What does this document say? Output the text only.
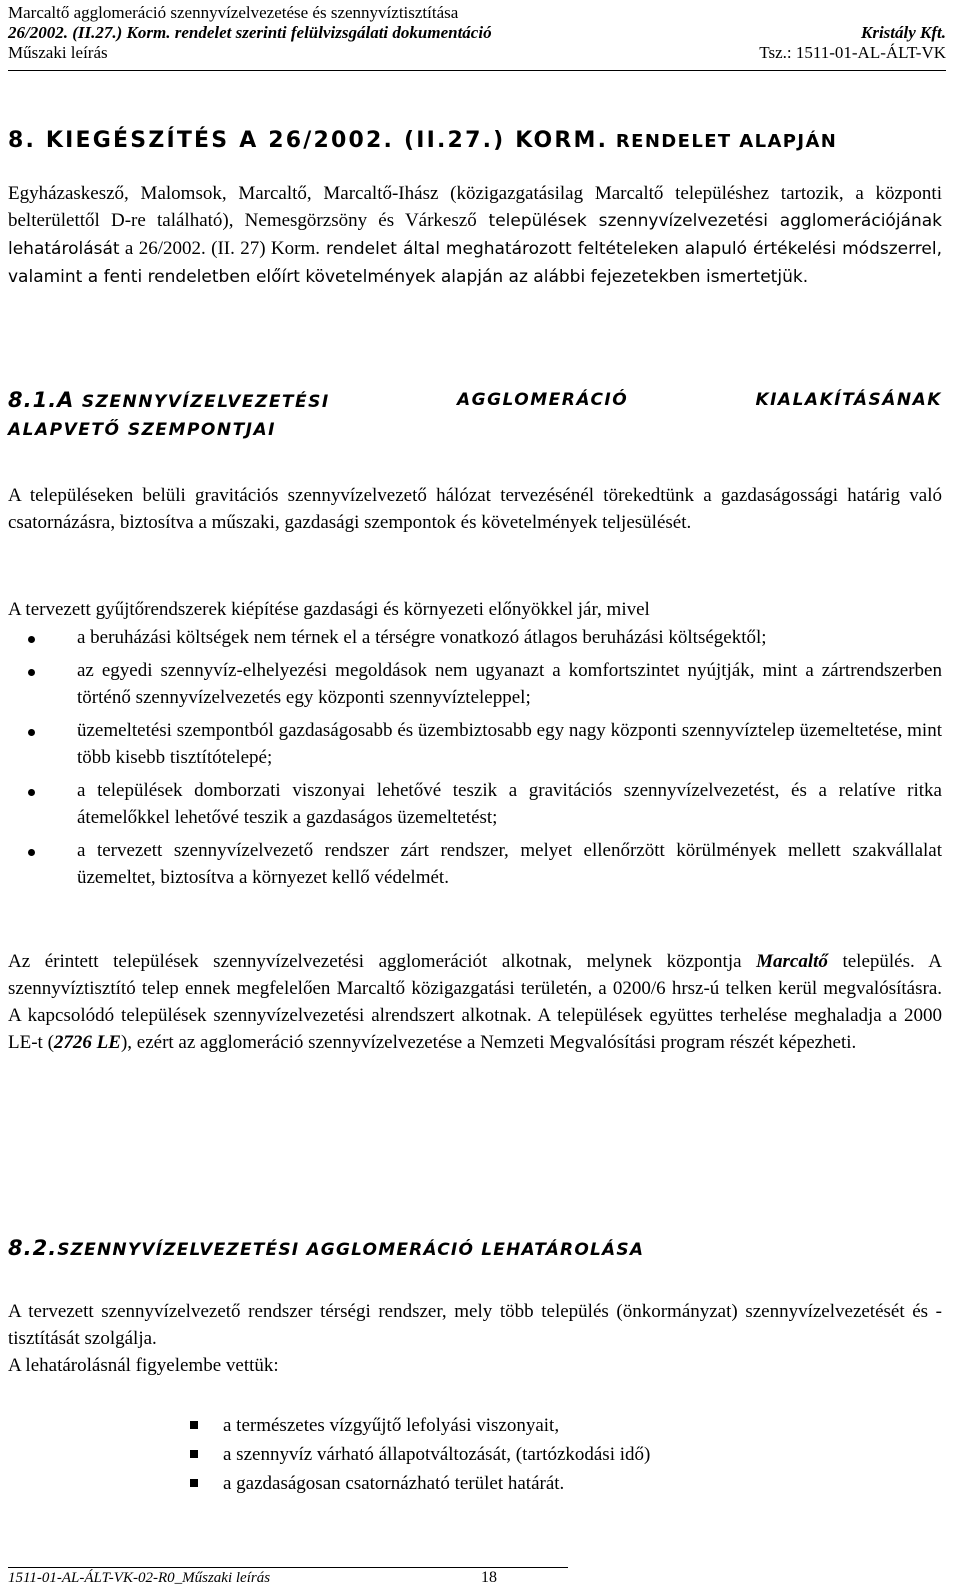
Marcaltő agglomeráció szennyvízelvezetése és szennyvíztisztítása
26/2002. (II.27.) Korm. rendelet szerinti felülvizsgálati dokumentáció	Kristály Kft.
Műszaki leírás	Tsz.: 1511-01-AL-ÁLT-VK
8. KIEGÉSZÍTÉS A 26/2002. (II.27.) KORM. RENDELET ALAPJÁN
Egyházaskesző, Malomsok, Marcaltő, Marcaltő-Ihász (közigazgatásilag Marcaltő településhez tartozik, a központi belterülettől D-re található), Nemesgörzsöny és Várkesző települések szennyvízelvezetési agglomerációjának lehatárolását a 26/2002. (II. 27) Korm. rendelet által meghatározott feltételeken alapuló értékelési módszerrel, valamint a fenti rendeletben előírt követelmények alapján az alábbi fejezetekben ismertetjük.
8.1.A SZENNYVÍZELVEZETÉSI	AGGLOMERÁCIÓ	KIALAKÍTÁSÁNAK
ALAPVETŐ SZEMPONTJAI
A településeken belüli gravitációs szennyvízelvezető hálózat tervezésénél törekedtünk a gazdaságossági határig való csatornázásra, biztosítva a műszaki, gazdasági szempontok és követelmények teljesülését.
A tervezett gyűjtőrendszerek kiépítése gazdasági és környezeti előnyökkel jár, mivel
a beruházási költségek nem térnek el a térségre vonatkozó átlagos beruházási költségektől;
az egyedi szennyvíz-elhelyezési megoldások nem ugyanazt a komfortszintet nyújtják, mint a zártrendszerben történő szennyvízelvezetés egy központi szennyvízteleppel;
üzemeltetési szempontból gazdaságosabb és üzembiztosabb egy nagy központi szennyvíztelep üzemeltetése, mint több kisebb tisztítótelepé;
a települések domborzati viszonyai lehetővé teszik a gravitációs szennyvízelvezetést, és a relatíve ritka átemelőkkel lehetővé teszik a gazdaságos üzemeltetést;
a tervezett szennyvízelvezető rendszer zárt rendszer, melyet ellenőrzött körülmények mellett szakvállalat üzemeltet, biztosítva a környezet kellő védelmét.
Az érintett települések szennyvízelvezetési agglomerációt alkotnak, melynek központja Marcaltő település. A szennyvíztisztító telep ennek megfelelően Marcaltő közigazgatási területén, a 0200/6 hrsz-ú telken kerül megvalósításra. A kapcsolódó települések szennyvízelvezetési alrendszert alkotnak. A települések együttes terhelése meghaladja a 2000 LE-t (2726 LE), ezért az agglomeráció szennyvízelvezetése a Nemzeti Megvalósítási program részét képezheti.
8.2.SZENNYVÍZELVEZETÉSI AGGLOMERÁCIÓ LEHATÁROLÁSA
A tervezett szennyvízelvezető rendszer térségi rendszer, mely több település (önkormányzat) szennyvízelvezetését és -tisztítását szolgálja.
A lehatárolásnál figyelembe vettük:
a természetes vízgyűjtő lefolyási viszonyait,
a szennyvíz várható állapotváltozását, (tartózkodási idő)
a gazdaságosan csatornázható terület határát.
1511-01-AL-ÁLT-VK-02-R0_Műszaki leírás	18
